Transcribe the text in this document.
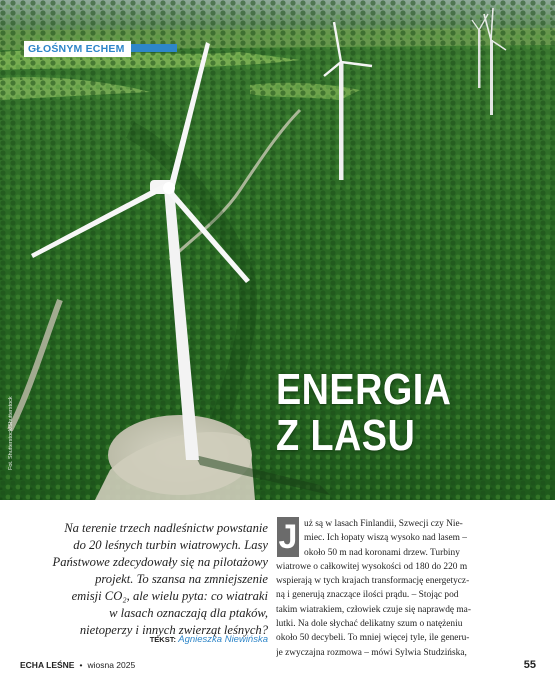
GŁOŚNYM ECHEM
ENERGIA
Z LASU
Fot. Shutterstock/Shutterstock
Na terenie trzech nadleśnictw powstanie
do 20 leśnych turbin wiatrowych. Lasy
Państwowe zdecydowały się na pilotażowy
projekt. To szansa na zmniejszenie
emisji CO₂, ale wielu pyta: co wiatraki
w lasach oznaczają dla ptaków,
nietoperzy i innych zwierząt leśnych?
TEKST: Agnieszka Niewińska
J uż są w lasach Finlandii, Szwecji czy Nie-
miec. Ich łopaty wiszą wysoko nad lasem –
około 50 m nad koronami drzew. Turbiny
wiatrowe o całkowitej wysokości od 180 do 220 m
wspierają w tych krajach transformację energetycz-
ną i generują znaczące ilości prądu. – Stojąc pod
takim wiatrakiem, człowiek czuje się naprawdę ma-
lutki. Na dole słychać delikatny szum o natężeniu
około 50 decybeli. To mniej więcej tyle, ile generu-
je zwyczajna rozmowa – mówi Sylwia Studzińska,
ECHA LEŚNE • wiosna 2025	55
